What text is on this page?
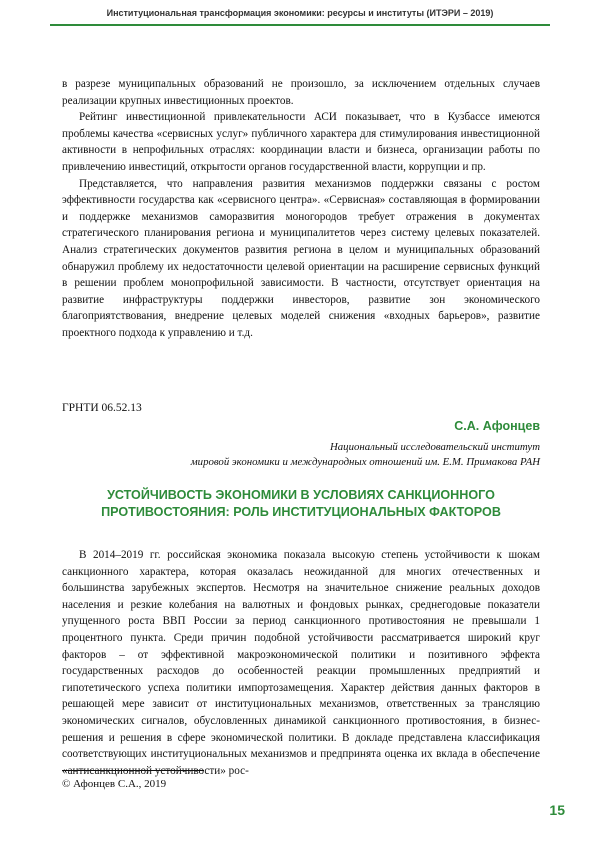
Институциональная трансформация экономики: ресурсы и институты (ИТЭРИ – 2019)

в разрезе муниципальных образований не произошло, за исключением отдельных случаев реализации крупных инвестиционных проектов.

Рейтинг инвестиционной привлекательности АСИ показывает, что в Кузбассе имеются проблемы качества «сервисных услуг» публичного характера для стимулирования инвестиционной активности в непрофильных отраслях: координации власти и бизнеса, организации работы по привлечению инвестиций, открытости органов государственной власти, коррупции и пр.

Представляется, что направления развития механизмов поддержки связаны с ростом эффективности государства как «сервисного центра». «Сервисная» составляющая в формировании и поддержке механизмов саморазвития моногородов требует отражения в документах стратегического планирования региона и муниципалитетов через систему целевых показателей. Анализ стратегических документов развития региона в целом и муниципальных образований обнаружил проблему их недостаточности целевой ориентации на расширение сервисных функций в решении проблем монопрофильной зависимости. В частности, отсутствует ориентация на развитие инфраструктуры поддержки инвесторов, развитие зон экономического благоприятствования, внедрение целевых моделей снижения «входных барьеров», развитие проектного подхода к управлению и т.д.

ГРНТИ 06.52.13
С.А. Афонцев
Национальный исследовательский институт
мировой экономики и международных отношений им. Е.М. Примакова РАН
УСТОЙЧИВОСТЬ ЭКОНОМИКИ В УСЛОВИЯХ САНКЦИОННОГО
ПРОТИВОСТОЯНИЯ: РОЛЬ ИНСТИТУЦИОНАЛЬНЫХ ФАКТОРОВ

В 2014–2019 гг. российская экономика показала высокую степень устойчивости к шокам санкционного характера, которая оказалась неожиданной для многих отечественных и большинства зарубежных экспертов. Несмотря на значительное снижение реальных доходов населения и резкие колебания на валютных и фондовых рынках, среднегодовые показатели упущенного роста ВВП России за период санкционного противостояния не превышали 1 процентного пункта. Среди причин подобной устойчивости рассматривается широкий круг факторов – от эффективной макроэкономической политики и позитивного эффекта государственных расходов до особенностей реакции промышленных предприятий и гипотетического успеха политики импортозамещения. Характер действия данных факторов в решающей мере зависит от институциональных механизмов, ответственных за трансляцию экономических сигналов, обусловленных динамикой санкционного противостояния, в бизнес-решения и решения в сфере экономической политики. В докладе представлена классификация соответствующих институциональных механизмов и предпринята оценка их вклада в обеспечение «антисанкционной устойчивости» рос-

© Афонцев С.А., 2019
15
